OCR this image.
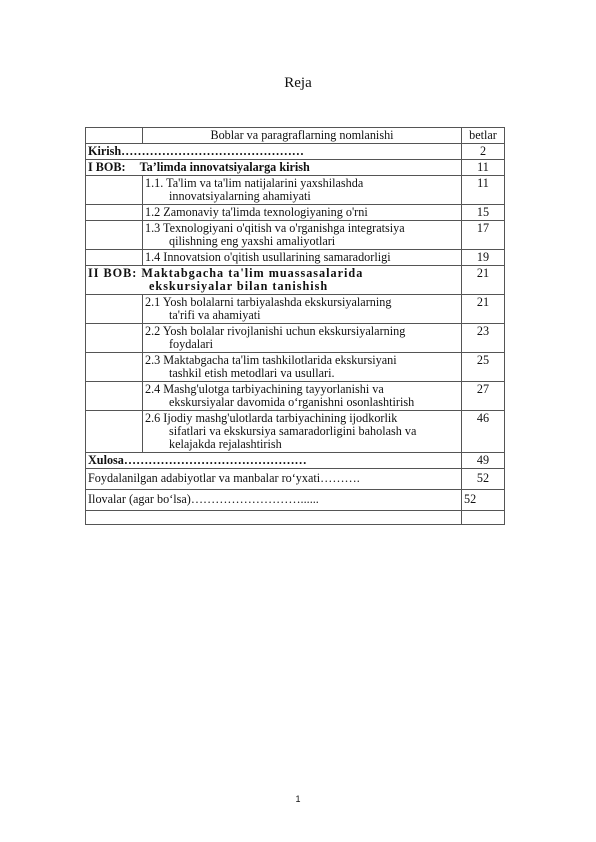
Reja
	Boblar va paragraflarning nomlanishi	betlar
Kirish………………………………………		2
I BOB: Ta’limda innovatsiyalarga kirish		11
	1.1. Ta'lim va ta'lim natijalarini yaxshilashda
innovatsiyalarning ahamiyati	11
	1.2 Zamonaviy ta'limda texnologiyaning o'rni	15
	1.3 Texnologiyani o'qitish va o'rganishga integratsiya
qilishning eng yaxshi amaliyotlari	17
	1.4 Innovatsion o'qitish usullarining samaradorligi	19
II BOB: Maktabgacha ta'lim muassasalarida
ekskursiyalar bilan tanishish		21
	2.1 Yosh bolalarni tarbiyalashda ekskursiyalarning
ta'rifi va ahamiyati	21
	2.2 Yosh bolalar rivojlanishi uchun ekskursiyalarning
foydalari	23
	2.3 Maktabgacha ta'lim tashkilotlarida ekskursiyani
tashkil etish metodlari va usullari.	25
	2.4 Mashg'ulotga tarbiyachining tayyorlanishi va
ekskursiyalar davomida o‘rganishni osonlashtirish	27
	2.6 Ijodiy mashg'ulotlarda tarbiyachining ijodkorlik
sifatlari va ekskursiya samaradorligini baholash va
kelajakda rejalashtirish	46
Xulosa………………………………………		49
Foydalanilgan adabiyotlar va manbalar ro‘yxati……….		52
Ilovalar (agar bo‘lsa)………………………......		52

1
